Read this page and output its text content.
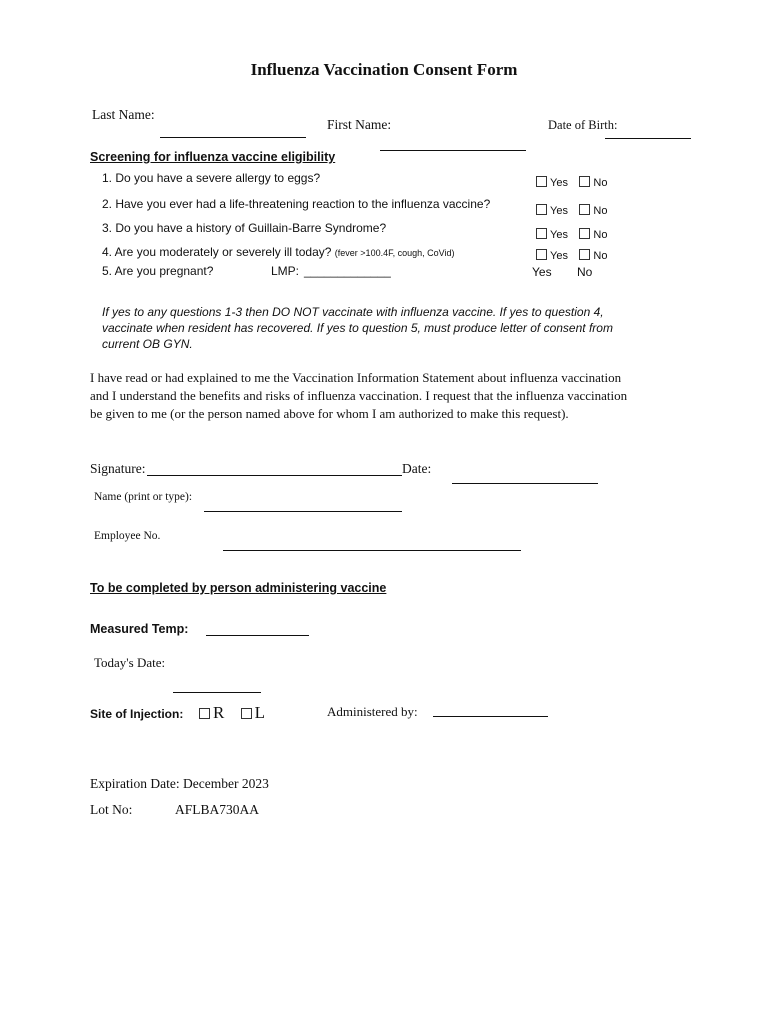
Influenza Vaccination Consent Form
Last Name:
First Name:	Date of Birth:
Screening for influenza vaccine eligibility
1. Do you have a severe allergy to eggs?	Yes No
2. Have you ever had a life-threatening reaction to the influenza vaccine?	Yes No
3. Do you have a history of Guillain-Barre Syndrome?	Yes No
4. Are you moderately or severely ill today? (fever >100.4F, cough, CoVid)	Yes No
5. Are you pregnant?	LMP: _____________	Yes No
If yes to any questions 1-3 then DO NOT vaccinate with influenza vaccine. If yes to question 4,
vaccinate when resident has recovered. If yes to question 5, must produce letter of consent from
current OB GYN.
I have read or had explained to me the Vaccination Information Statement about influenza vaccination
and I understand the benefits and risks of influenza vaccination. I request that the influenza vaccination
be given to me (or the person named above for whom I am authorized to make this request).
Signature:	Date:
Name (print or type):
Employee No.
To be completed by person administering vaccine
Measured Temp:
Today's Date:
Site of Injection:	R L	Administered by:
Expiration Date: December 2023
Lot No:	AFLBA730AA
